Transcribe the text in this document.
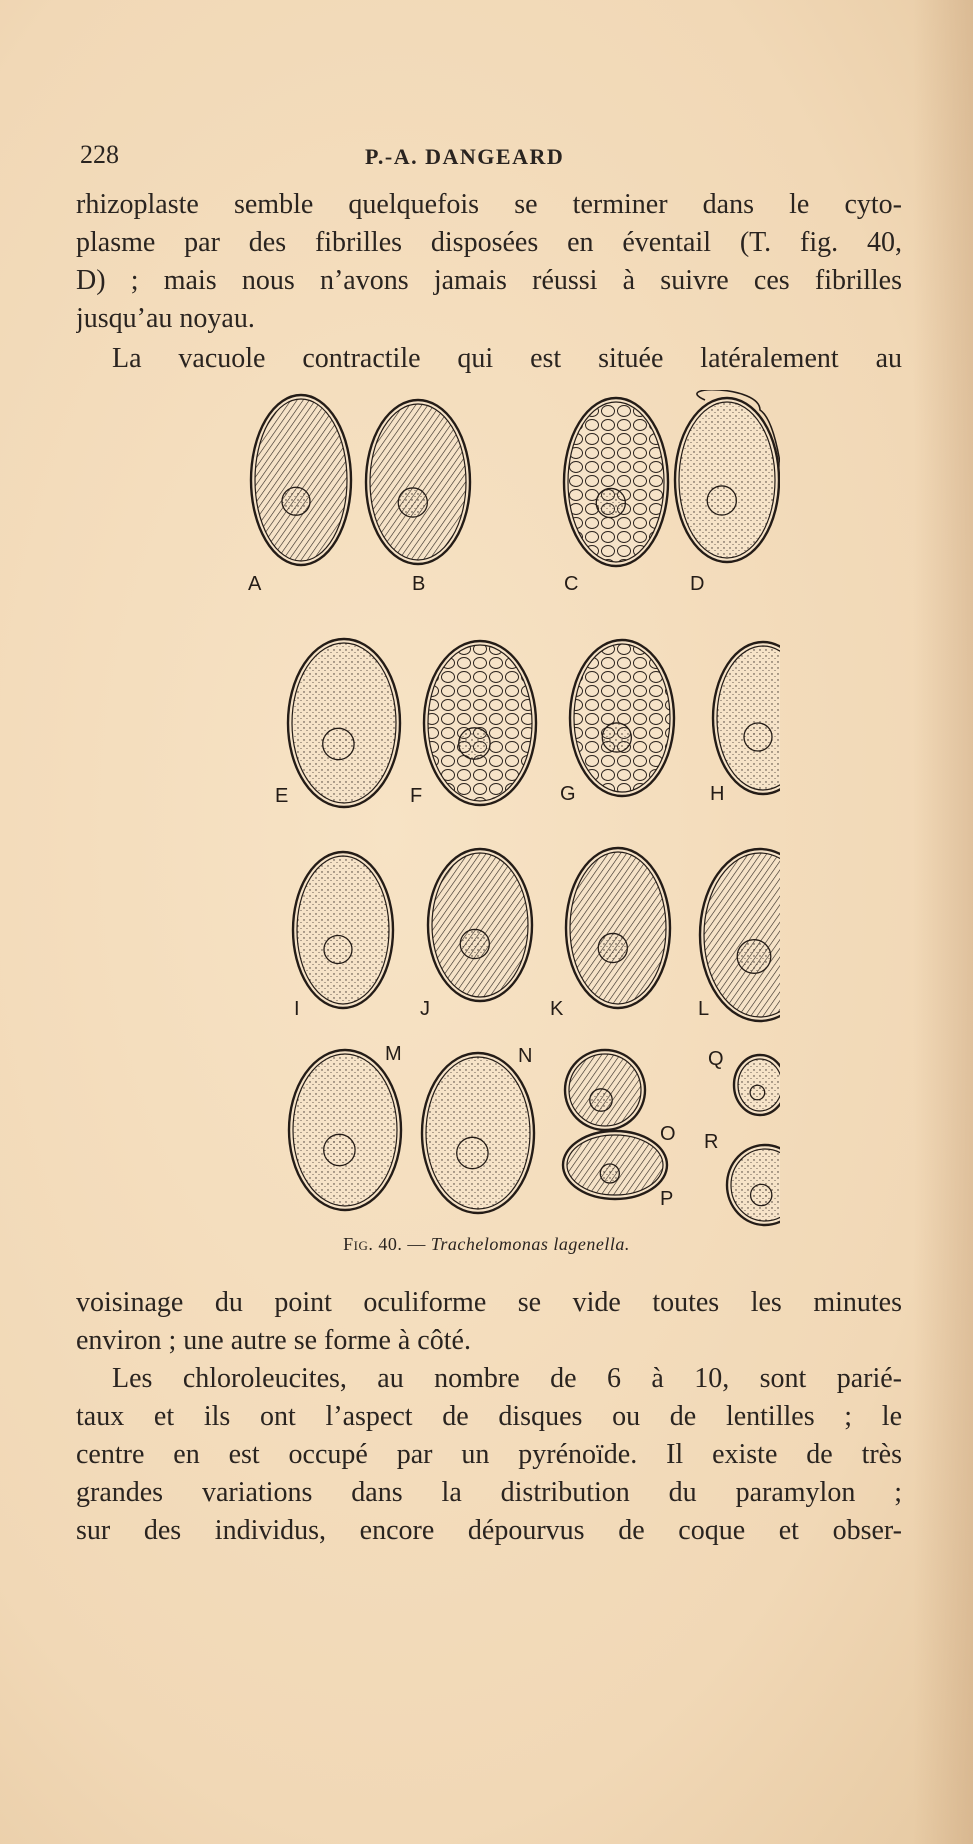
228	P.-A. DANGEARD
rhizoplaste semble quelquefois se terminer dans le cyto-
plasme par des fibrilles disposées en éventail (T. fig. 40,
D) ; mais nous n’avons jamais réussi à suivre ces fibrilles
jusqu’au noyau.
La vacuole contractile qui est située latéralement au
A	B	C	D
E	F	G	H
I	J	K	L
M	N
O
P
Q
R
Fig. 40. — Trachelomonas lagenella.
voisinage du point oculiforme se vide toutes les minutes
environ ; une autre se forme à côté.
Les chloroleucites, au nombre de 6 à 10, sont parié-
taux et ils ont l’aspect de disques ou de lentilles ; le
centre en est occupé par un pyrénoïde. Il existe de très
grandes variations dans la distribution du paramylon ;
sur des individus, encore dépourvus de coque et obser-
